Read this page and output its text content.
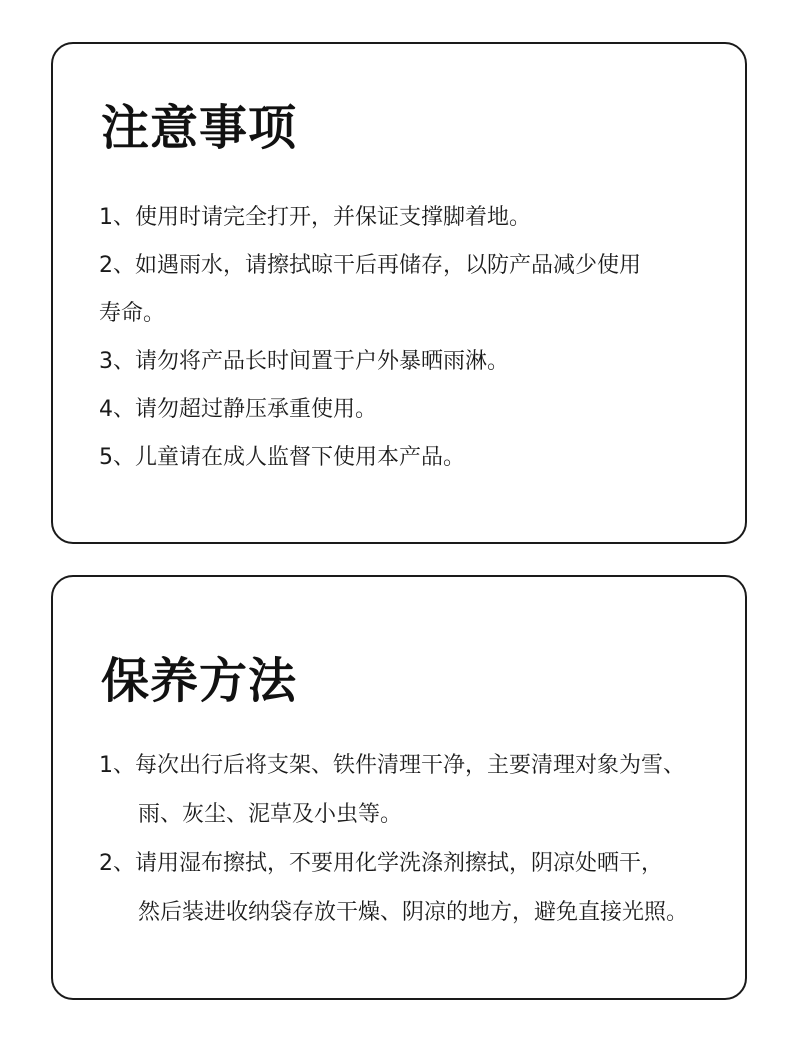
注意事项
1、使用时请完全打开，并保证支撑脚着地。
2、如遇雨水，请擦拭晾干后再储存，以防产品减少使用
寿命。
3、请勿将产品长时间置于户外暴晒雨淋。
4、请勿超过静压承重使用。
5、儿童请在成人监督下使用本产品。
保养方法
1、每次出行后将支架、铁件清理干净，主要清理对象为雪、
雨、灰尘、泥草及小虫等。
2、请用湿布擦拭，不要用化学洗涤剂擦拭，阴凉处晒干，
然后装进收纳袋存放干燥、阴凉的地方，避免直接光照。
